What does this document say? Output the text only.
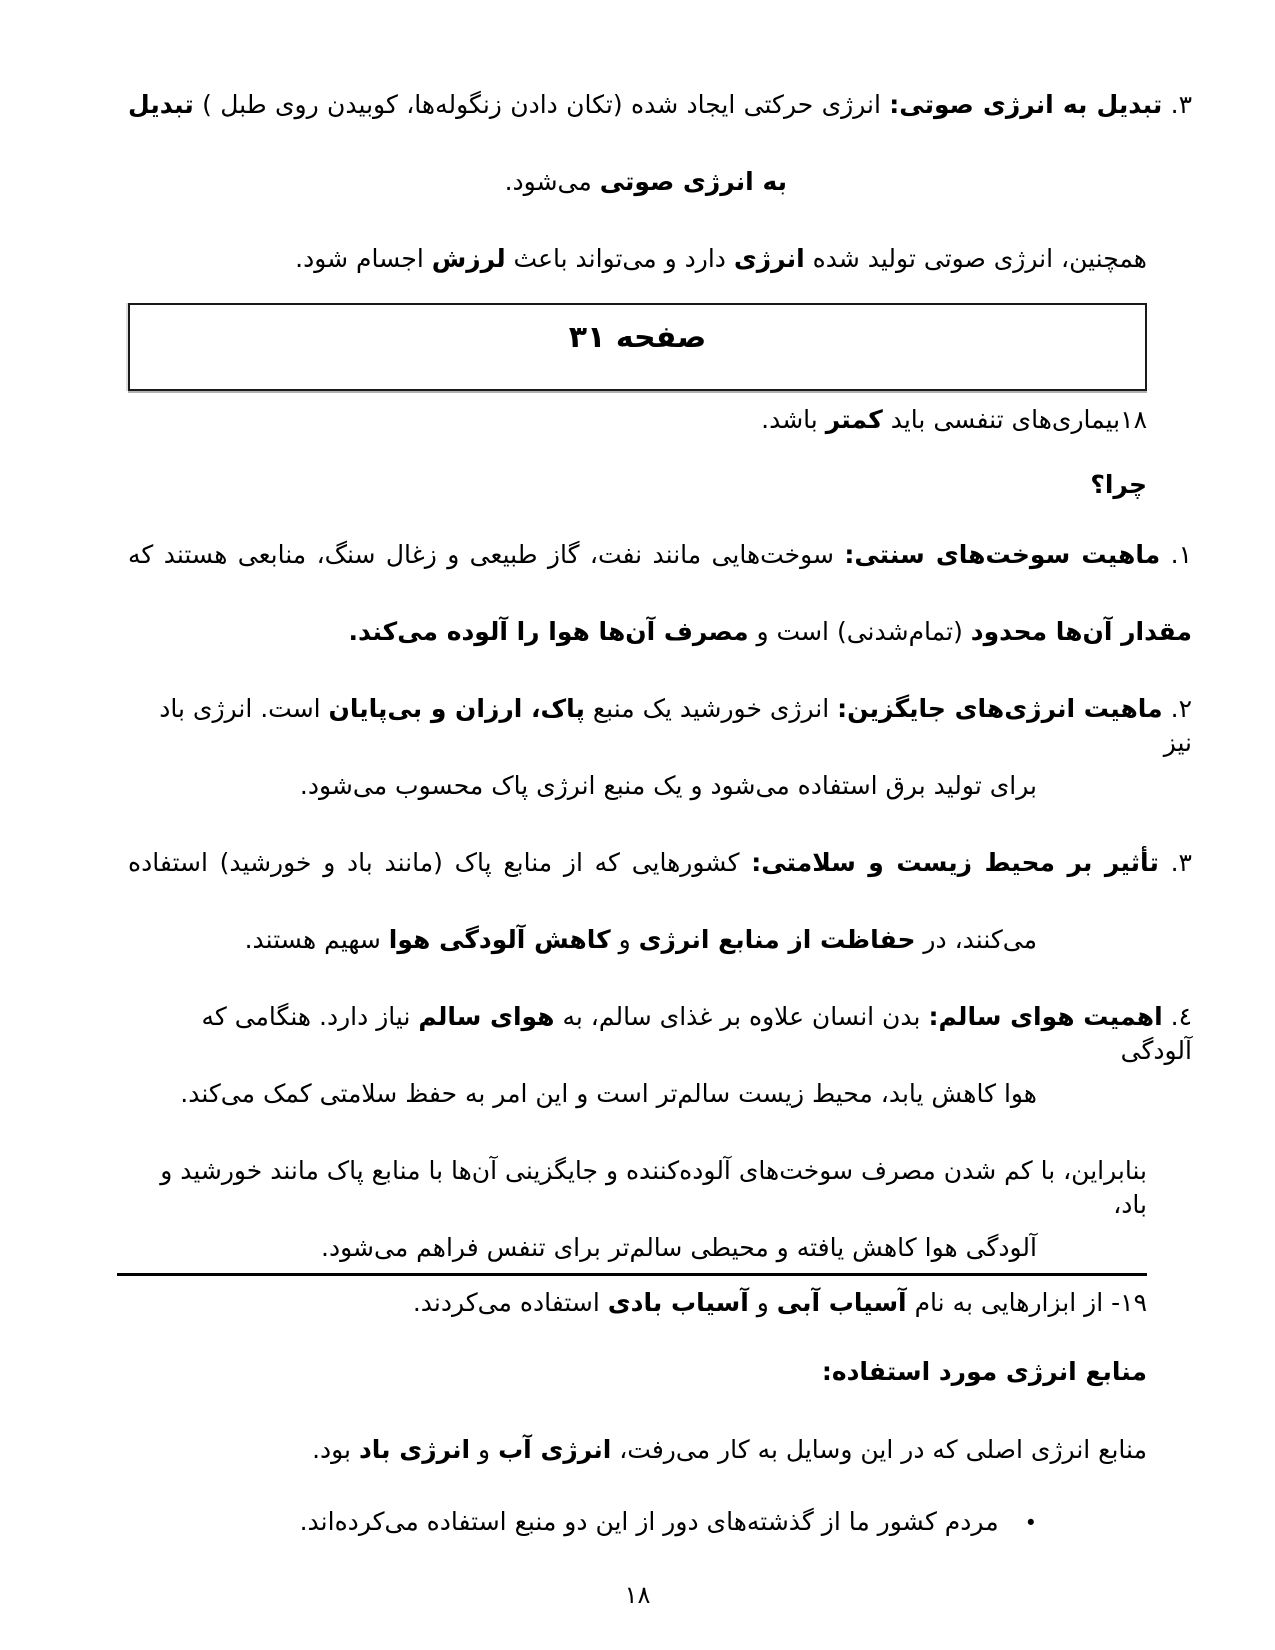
۳. تبدیل به انرژی صوتی: انرژی حرکتی ایجاد شده (تکان دادن زنگوله‌ها، کوبیدن روی طبل ) تبدیل
به انرژی صوتی می‌شود.
همچنین، انرژی صوتی تولید شده انرژی دارد و می‌تواند باعث لرزش اجسام شود.
صفحه ۳۱
۱۸بیماری‌های تنفسی باید کمتر باشد.
چرا؟
۱. ماهیت سوخت‌های سنتی: سوخت‌هایی مانند نفت، گاز طبیعی و زغال سنگ، منابعی هستند که
مقدار آن‌ها محدود (تمام‌شدنی) است و مصرف آن‌ها هوا را آلوده می‌کند.
۲. ماهیت انرژی‌های جایگزین: انرژی خورشید یک منبع پاک، ارزان و بی‌پایان است. انرژی باد نیز
برای تولید برق استفاده می‌شود و یک منبع انرژی پاک محسوب می‌شود.
۳. تأثیر بر محیط زیست و سلامتی: کشورهایی که از منابع پاک (مانند باد و خورشید) استفاده
می‌کنند، در حفاظت از منابع انرژی و کاهش آلودگی هوا سهیم هستند.
٤. اهمیت هوای سالم: بدن انسان علاوه بر غذای سالم، به هوای سالم نیاز دارد. هنگامی که آلودگی
هوا کاهش یابد، محیط زیست سالم‌تر است و این امر به حفظ سلامتی کمک می‌کند.
بنابراین، با کم شدن مصرف سوخت‌های آلوده‌کننده و جایگزینی آن‌ها با منابع پاک مانند خورشید و باد،
آلودگی هوا کاهش یافته و محیطی سالم‌تر برای تنفس فراهم می‌شود.
۱۹- از ابزارهایی به نام آسیاب آبی و آسیاب بادی استفاده می‌کردند.
منابع انرژی مورد استفاده:
منابع انرژی اصلی که در این وسایل به کار می‌رفت، انرژی آب و انرژی باد بود.
•مردم کشور ما از گذشته‌های دور از این دو منبع استفاده می‌کرده‌اند.
۱۸
